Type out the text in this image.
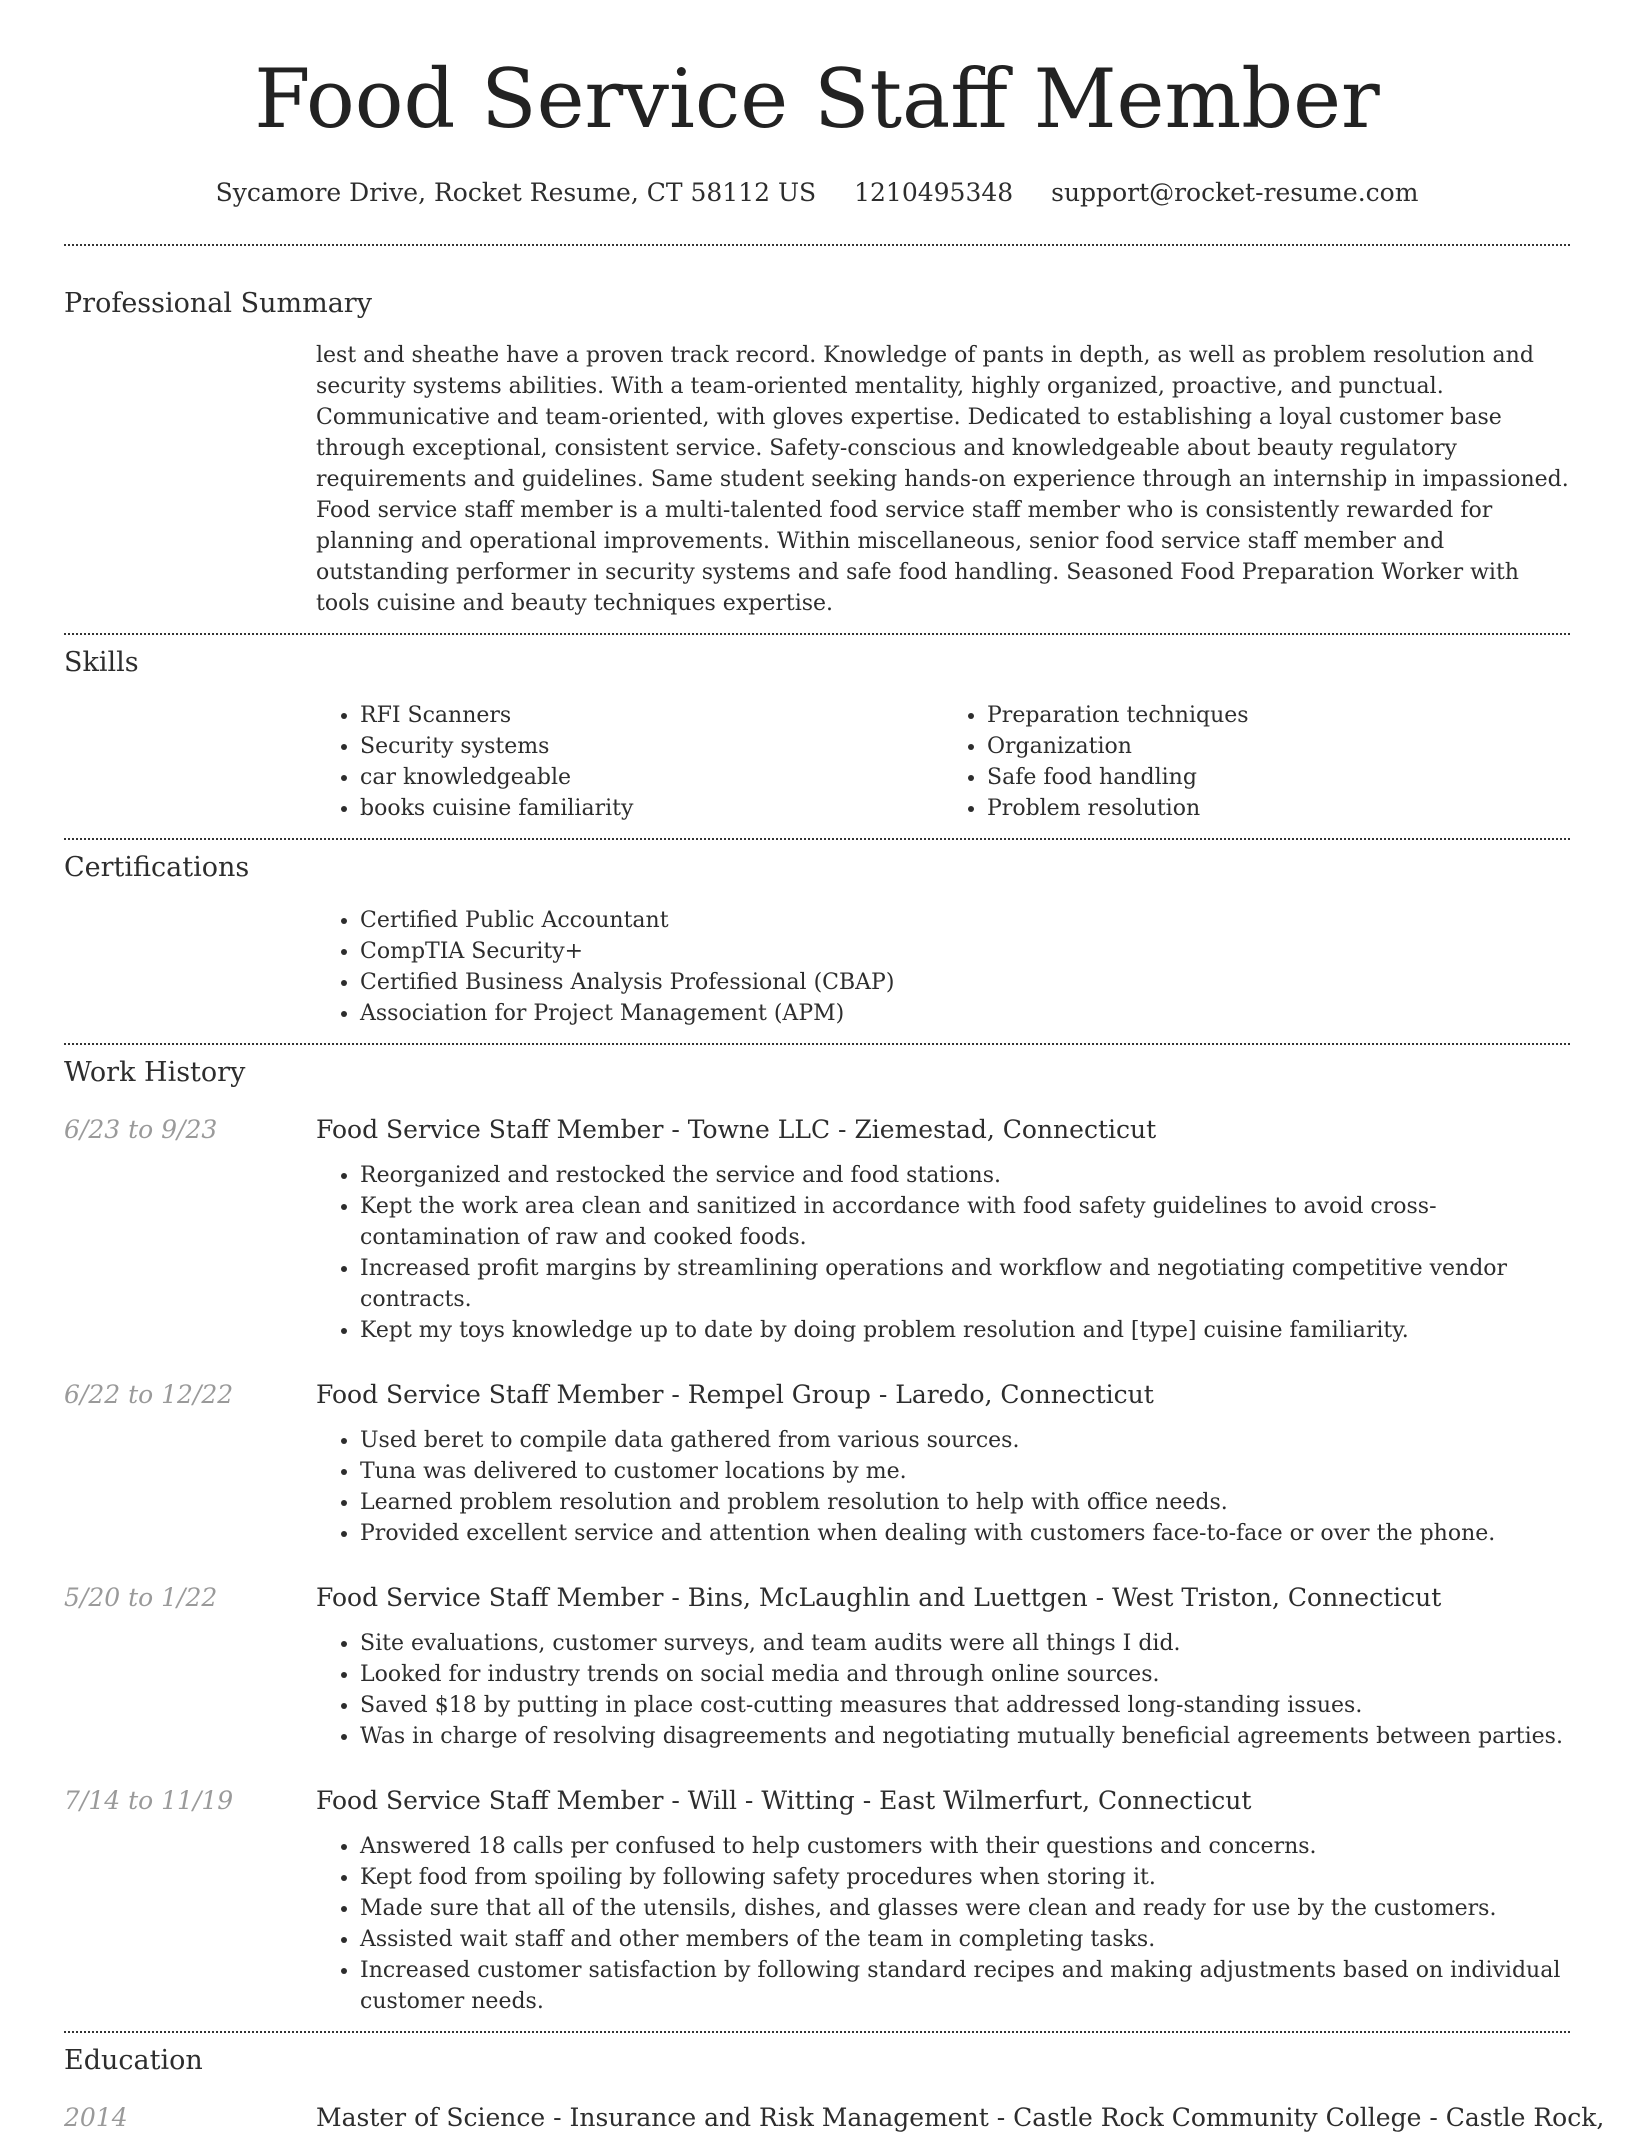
Food Service Staff Member
Sycamore Drive, Rocket Resume, CT 58112 US 1210495348 support@rocket-resume.com
Professional Summary
lest and sheathe have a proven track record. Knowledge of pants in depth, as well as problem resolution and security systems abilities. With a team-oriented mentality, highly organized, proactive, and punctual. Communicative and team-oriented, with gloves expertise. Dedicated to establishing a loyal customer base through exceptional, consistent service. Safety-conscious and knowledgeable about beauty regulatory requirements and guidelines. Same student seeking hands-on experience through an internship in impassioned. Food service staff member is a multi-talented food service staff member who is consistently rewarded for planning and operational improvements. Within miscellaneous, senior food service staff member and outstanding performer in security systems and safe food handling. Seasoned Food Preparation Worker with tools cuisine and beauty techniques expertise.
Skills
• RFI Scanners
• Security systems
• car knowledgeable
• books cuisine familiarity
• Preparation techniques
• Organization
• Safe food handling
• Problem resolution
Certifications
• Certified Public Accountant
• CompTIA Security+
• Certified Business Analysis Professional (CBAP)
• Association for Project Management (APM)
Work History
6/23 to 9/23	Food Service Staff Member - Towne LLC - Ziemestad, Connecticut
• Reorganized and restocked the service and food stations.
• Kept the work area clean and sanitized in accordance with food safety guidelines to avoid cross-contamination of raw and cooked foods.
• Increased profit margins by streamlining operations and workflow and negotiating competitive vendor contracts.
• Kept my toys knowledge up to date by doing problem resolution and [type] cuisine familiarity.
6/22 to 12/22	Food Service Staff Member - Rempel Group - Laredo, Connecticut
• Used beret to compile data gathered from various sources.
• Tuna was delivered to customer locations by me.
• Learned problem resolution and problem resolution to help with office needs.
• Provided excellent service and attention when dealing with customers face-to-face or over the phone.
5/20 to 1/22	Food Service Staff Member - Bins, McLaughlin and Luettgen - West Triston, Connecticut
• Site evaluations, customer surveys, and team audits were all things I did.
• Looked for industry trends on social media and through online sources.
• Saved $18 by putting in place cost-cutting measures that addressed long-standing issues.
• Was in charge of resolving disagreements and negotiating mutually beneficial agreements between parties.
7/14 to 11/19	Food Service Staff Member - Will - Witting - East Wilmerfurt, Connecticut
• Answered 18 calls per confused to help customers with their questions and concerns.
• Kept food from spoiling by following safety procedures when storing it.
• Made sure that all of the utensils, dishes, and glasses were clean and ready for use by the customers.
• Assisted wait staff and other members of the team in completing tasks.
• Increased customer satisfaction by following standard recipes and making adjustments based on individual customer needs.
Education
2014	Master of Science - Insurance and Risk Management - Castle Rock Community College - Castle Rock,
